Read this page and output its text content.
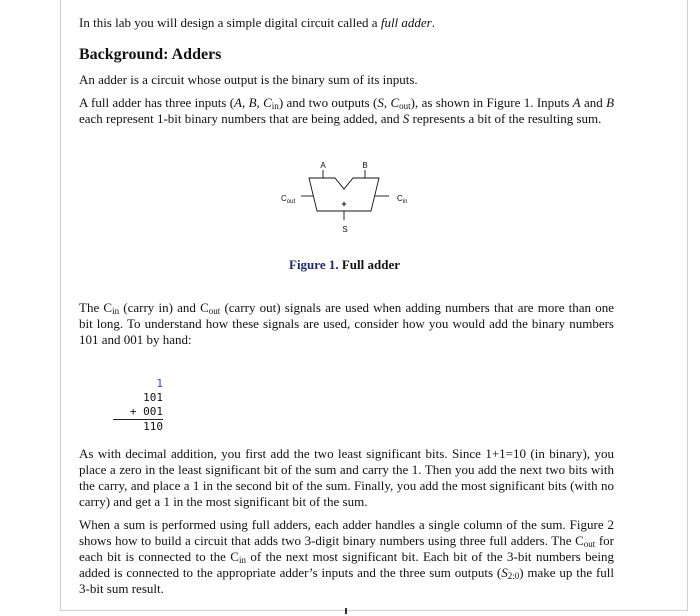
In this lab you will design a simple digital circuit called a full adder.

Background: Adders

An adder is a circuit whose output is the binary sum of its inputs.

A full adder has three inputs (A, B, $C_{in}$) and two outputs (S, $C_{out}$), as shown in Figure 1. Inputs A and B each represent 1-bit binary numbers that are being added, and S represents a bit of the resulting sum.

A	B
$C_{out}$	$C_{in}$
+
S
Figure 1. Full adder

The $C_{in}$ (carry in) and $C_{out}$ (carry out) signals are used when adding numbers that are more than one bit long. To understand how these signals are used, consider how you would add the binary numbers 101 and 001 by hand:

1
101
+ 001
110

As with decimal addition, you first add the two least significant bits. Since 1+1=10 (in binary), you place a zero in the least significant bit of the sum and carry the 1. Then you add the next two bits with the carry, and place a 1 in the second bit of the sum. Finally, you add the most significant bits (with no carry) and get a 1 in the most significant bit of the sum.

When a sum is performed using full adders, each adder handles a single column of the sum. Figure 2 shows how to build a circuit that adds two 3-digit binary numbers using three full adders. The $C_{out}$ for each bit is connected to the $C_{in}$ of the next most significant bit. Each bit of the 3-bit numbers being added is connected to the appropriate adder’s inputs and the three sum outputs $(S_{2:0})$ make up the full 3-bit sum result.
